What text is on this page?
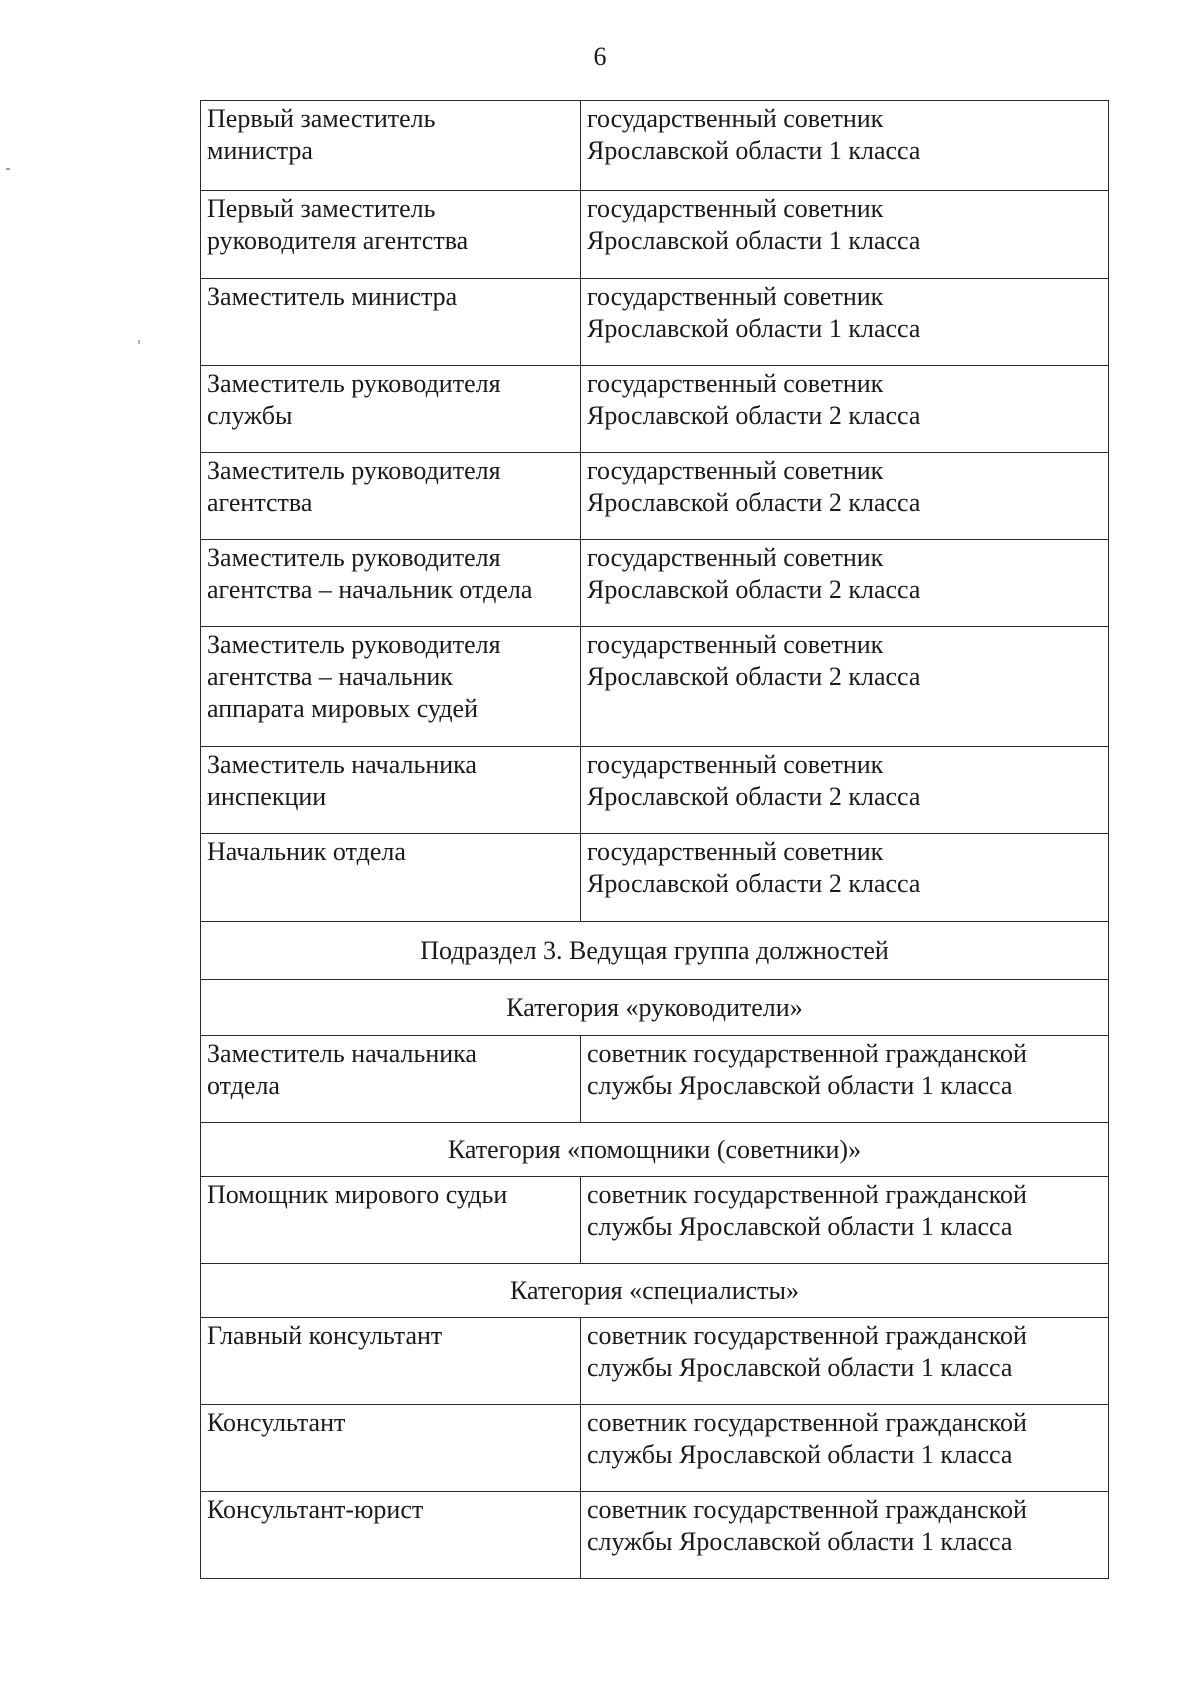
6
Первый заместитель
министра	государственный советник
Ярославской области 1 класса

Первый заместитель
руководителя агентства	государственный советник
Ярославской области 1 класса

Заместитель министра	государственный советник
Ярославской области 1 класса

Заместитель руководителя
службы	государственный советник
Ярославской области 2 класса

Заместитель руководителя
агентства	государственный советник
Ярославской области 2 класса

Заместитель руководителя
агентства – начальник отдела	государственный советник
Ярославской области 2 класса

Заместитель руководителя
агентства – начальник
аппарата мировых судей	государственный советник
Ярославской области 2 класса

Заместитель начальника
инспекции	государственный советник
Ярославской области 2 класса

Начальник отдела	государственный советник
Ярославской области 2 класса

Подраздел 3. Ведущая группа должностей	
Категория «руководители»	

Заместитель начальника
отдела	советник государственной гражданской
службы Ярославской области 1 класса

Категория «помощники (советники)»	

Помощник мирового судьи	советник государственной гражданской
службы Ярославской области 1 класса

Категория «специалисты»	

Главный консультант	советник государственной гражданской
службы Ярославской области 1 класса

Консультант	советник государственной гражданской
службы Ярославской области 1 класса

Консультант-юрист	советник государственной гражданской
службы Ярославской области 1 класса
